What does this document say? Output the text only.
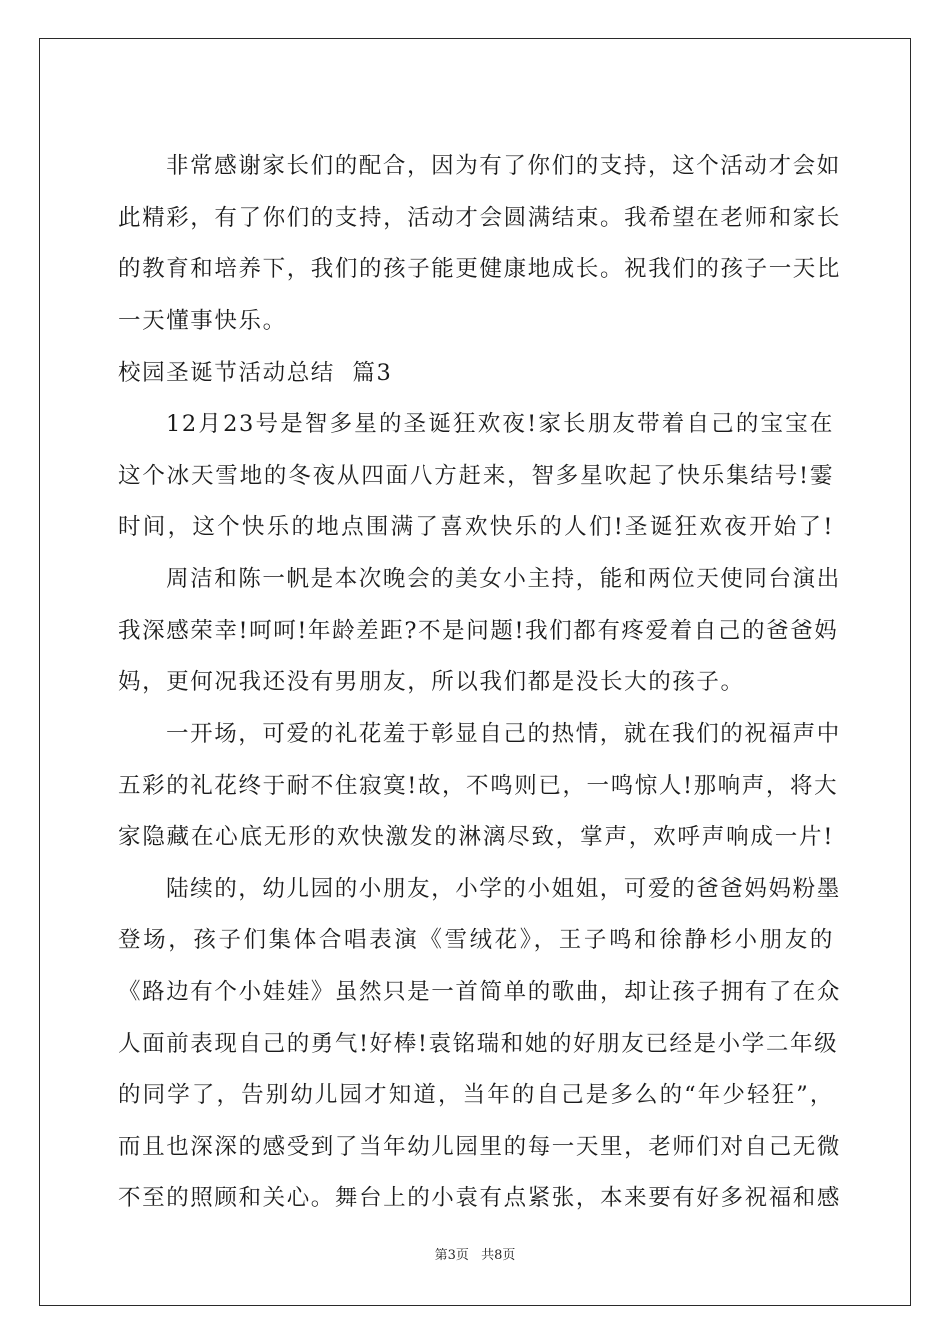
非常感谢家长们的配合，因为有了你们的支持，这个活动才会如
此精彩，有了你们的支持，活动才会圆满结束。我希望在老师和家长
的教育和培养下，我们的孩子能更健康地成长。祝我们的孩子一天比
一天懂事快乐。
校园圣诞节活动总结  篇3
12月23号是智多星的圣诞狂欢夜!家长朋友带着自己的宝宝在
这个冰天雪地的冬夜从四面八方赶来，智多星吹起了快乐集结号!霎
时间，这个快乐的地点围满了喜欢快乐的人们!圣诞狂欢夜开始了!
周洁和陈一帆是本次晚会的美女小主持，能和两位天使同台演出
我深感荣幸!呵呵!年龄差距?不是问题!我们都有疼爱着自己的爸爸妈
妈，更何况我还没有男朋友，所以我们都是没长大的孩子。
一开场，可爱的礼花羞于彰显自己的热情，就在我们的祝福声中
五彩的礼花终于耐不住寂寞!故，不鸣则已，一鸣惊人!那响声，将大
家隐藏在心底无形的欢快激发的淋漓尽致，掌声，欢呼声响成一片!
陆续的，幼儿园的小朋友，小学的小姐姐，可爱的爸爸妈妈粉墨
登场，孩子们集体合唱表演《雪绒花》，王子鸣和徐静杉小朋友的
《路边有个小娃娃》虽然只是一首简单的歌曲，却让孩子拥有了在众
人面前表现自己的勇气!好棒!袁铭瑞和她的好朋友已经是小学二年级
的同学了，告别幼儿园才知道，当年的自己是多么的“年少轻狂”，
而且也深深的感受到了当年幼儿园里的每一天里，老师们对自己无微
不至的照顾和关心。舞台上的小袁有点紧张，本来要有好多祝福和感
第3页 共8页
